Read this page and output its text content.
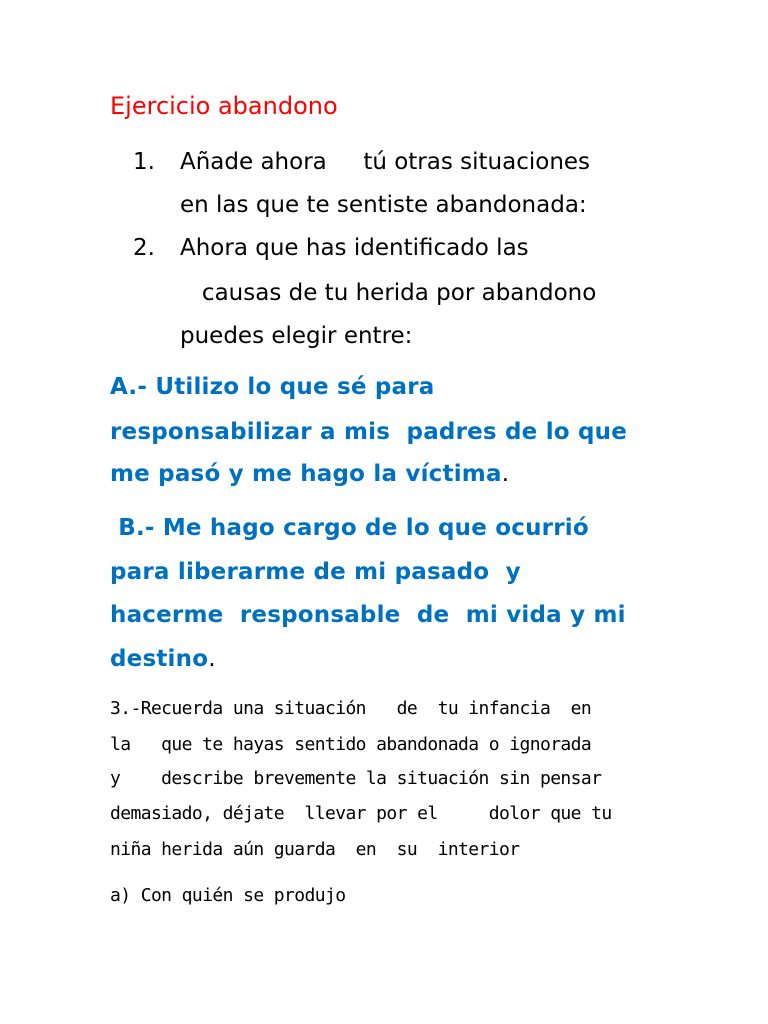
Ejercicio abandono
1. Añade ahora     tú otras situaciones
en las que te sentiste abandonada:
2. Ahora que has identificado las
causas de tu herida por abandono
puedes elegir entre:
A.- Utilizo lo que sé para
responsabilizar a mis  padres de lo que
me pasó y me hago la víctima.
B.- Me hago cargo de lo que ocurrió
para liberarme de mi pasado  y
hacerme  responsable  de  mi vida y mi
destino.
3.-Recuerda una situación   de  tu infancia  en
la   que te hayas sentido abandonada o ignorada
y    describe brevemente la situación sin pensar
demasiado, déjate  llevar por el     dolor que tu
niña herida aún guarda  en  su  interior
a) Con quién se produjo
